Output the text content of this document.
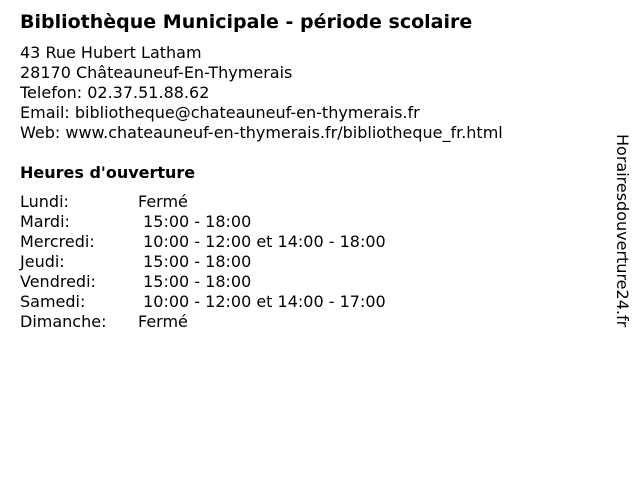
Bibliothèque Municipale - période scolaire
43 Rue Hubert Latham
28170 Châteauneuf-En-Thymerais
Telefon: 02.37.51.88.62
Email: bibliotheque@chateauneuf-en-thymerais.fr
Web: www.chateauneuf-en-thymerais.fr/bibliotheque_fr.html
Heures d'ouverture
Lundi:	Fermé
Mardi:	15:00 - 18:00
Mercredi:	10:00 - 12:00 et 14:00 - 18:00
Jeudi:	15:00 - 18:00
Vendredi:	15:00 - 18:00
Samedi:	10:00 - 12:00 et 14:00 - 17:00
Dimanche:	Fermé	Horairesdouverture24.fr
